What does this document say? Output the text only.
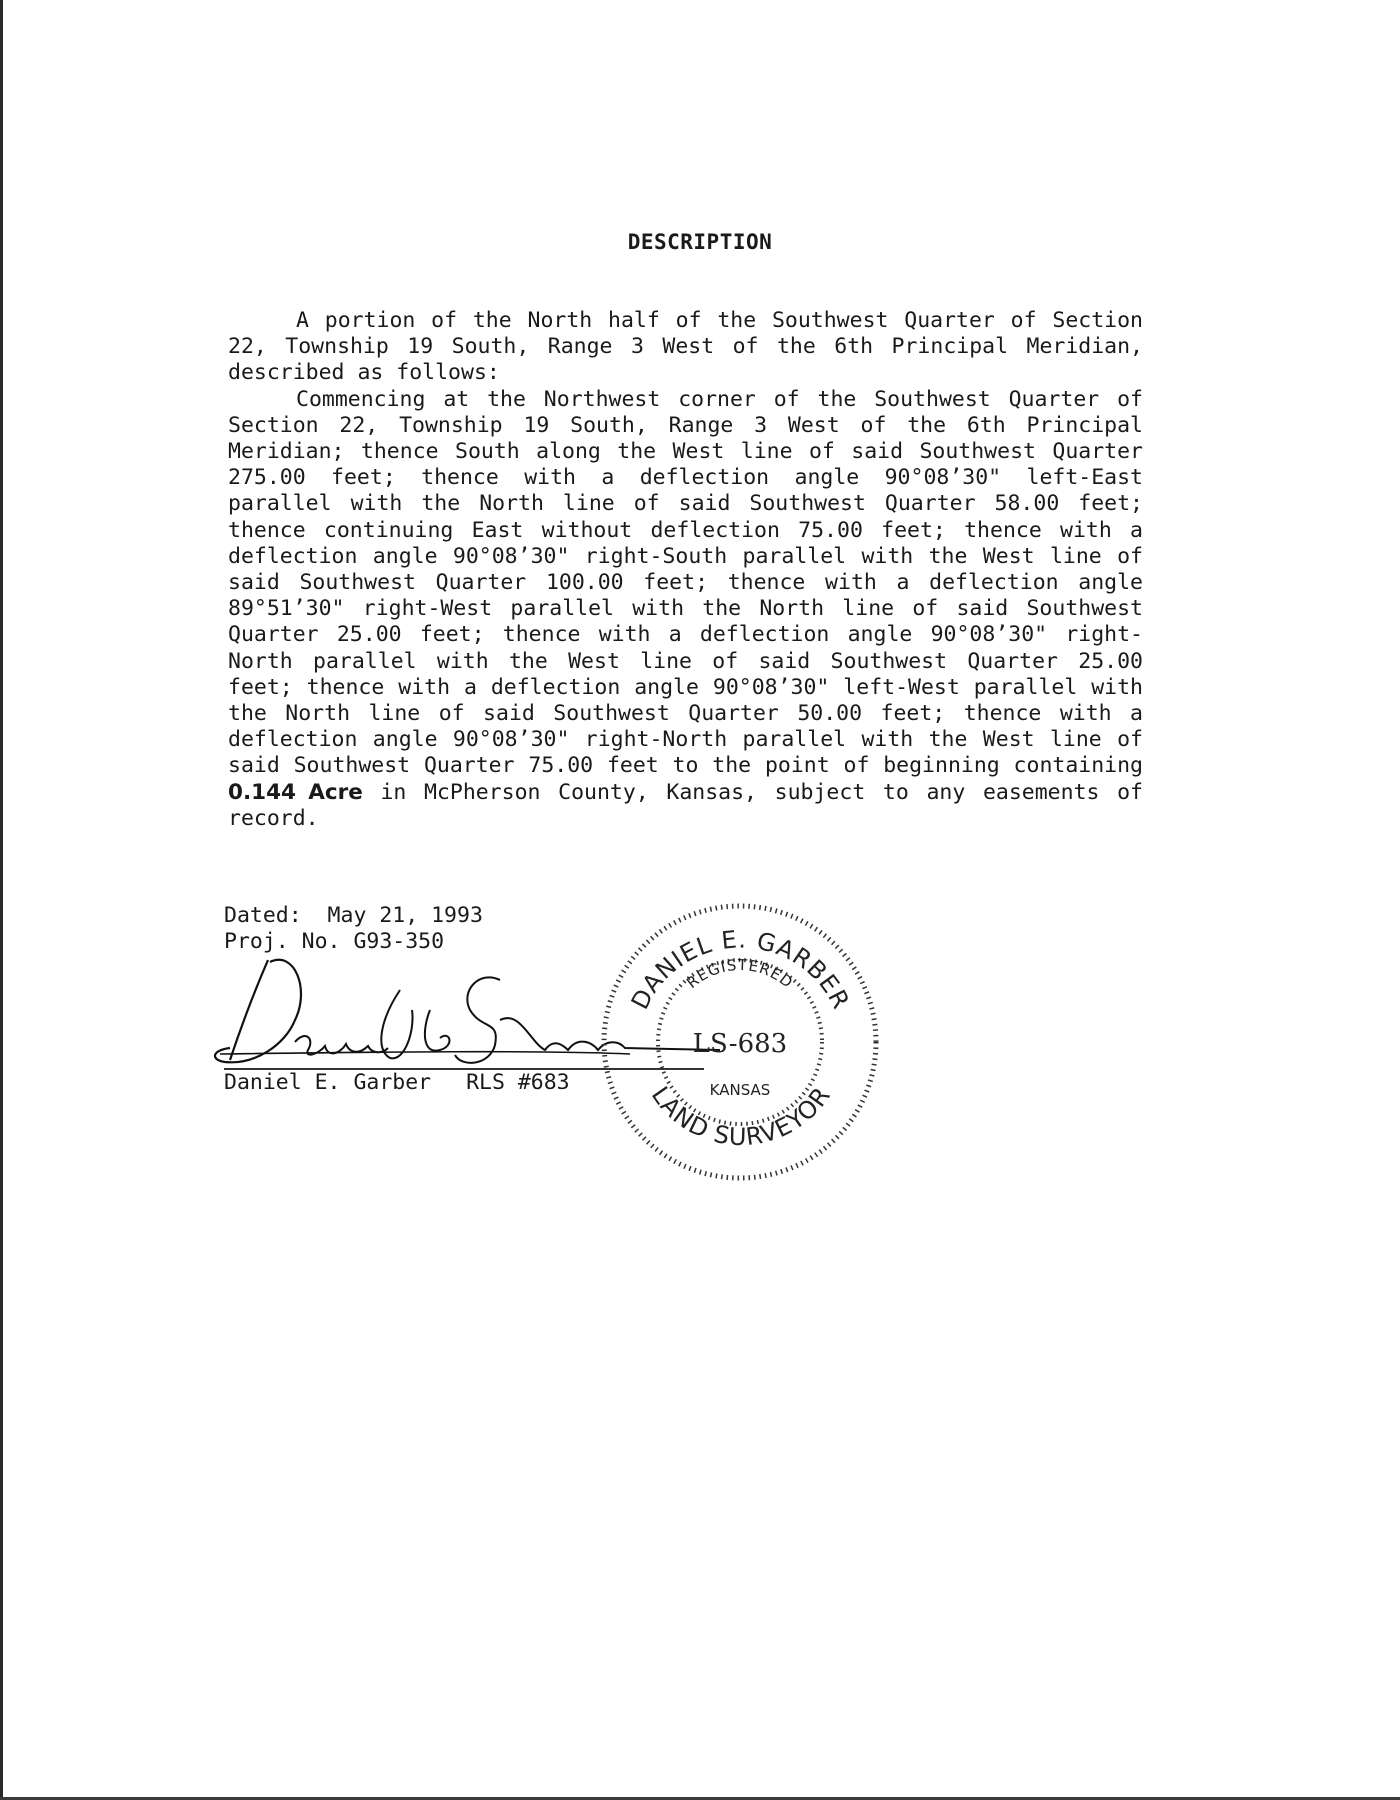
DESCRIPTION

A portion of the North half of the Southwest Quarter of Section 22, Township 19 South, Range 3 West of the 6th Principal Meridian, described as follows:

Commencing at the Northwest corner of the Southwest Quarter of Section 22, Township 19 South, Range 3 West of the 6th Principal Meridian; thence South along the West line of said Southwest Quarter 275.00 feet; thence with a deflection angle 90°08’30" left-East parallel with the North line of said Southwest Quarter 58.00 feet; thence continuing East without deflection 75.00 feet; thence with a deflection angle 90°08’30" right-South parallel with the West line of said Southwest Quarter 100.00 feet; thence with a deflection angle 89°51’30" right-West parallel with the North line of said Southwest Quarter 25.00 feet; thence with a deflection angle 90°08’30" right-North parallel with the West line of said Southwest Quarter 25.00 feet; thence with a deflection angle 90°08’30" left-West parallel with the North line of said Southwest Quarter 50.00 feet; thence with a deflection angle 90°08’30" right-North parallel with the West line of said Southwest Quarter 75.00 feet to the point of beginning containing 0.144 Acre in McPherson County, Kansas, subject to any easements of record.

Dated:  May 21, 1993
Proj. No. G93-350
Daniel E. Garber RLS #683
DANIEL E. GARBER
REGISTERED
LS-683
KANSAS
LAND SURVEYOR
